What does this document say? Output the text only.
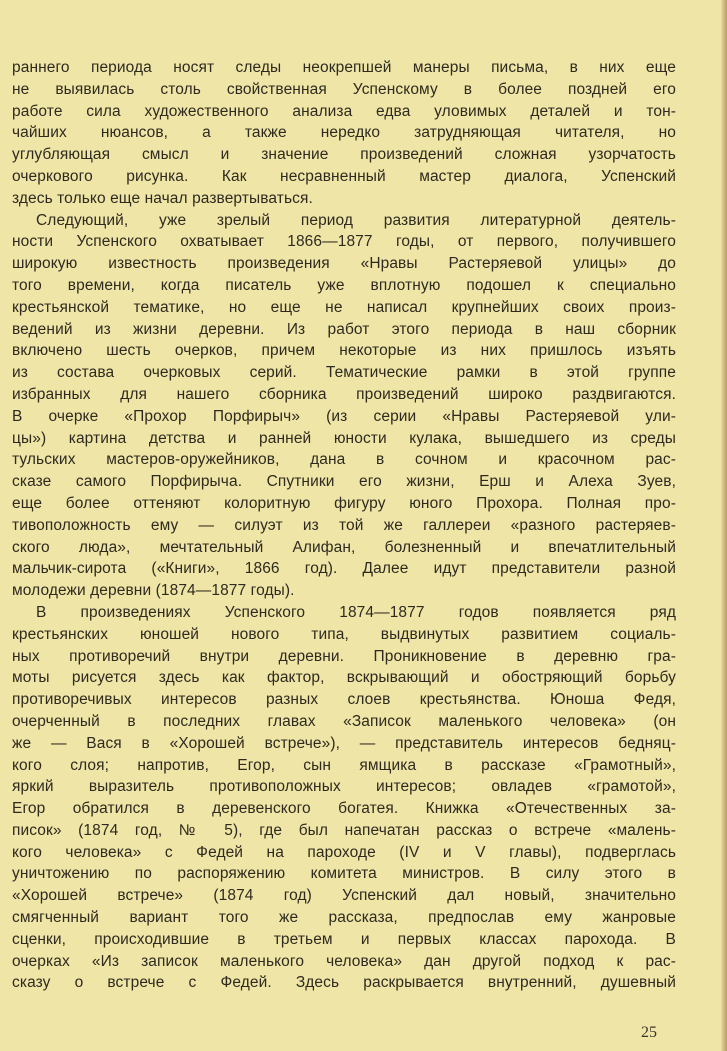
раннего периода носят следы неокрепшей манеры письма, в них еще
не выявилась столь свойственная Успенскому в более поздней его
работе сила художественного анализа едва уловимых деталей и тон-
чайших нюансов, а также нередко затрудняющая читателя, но
углубляющая смысл и значение произведений сложная узорчатость
очеркового рисунка. Как несравненный мастер диалога, Успенский
здесь только еще начал развертываться.
Следующий, уже зрелый период развития литературной деятель-
ности Успенского охватывает 1866—1877 годы, от первого, получившего
широкую известность произведения «Нравы Растеряевой улицы» до
того времени, когда писатель уже вплотную подошел к специально
крестьянской тематике, но еще не написал крупнейших своих произ-
ведений из жизни деревни. Из работ этого периода в наш сборник
включено шесть очерков, причем некоторые из них пришлось изъять
из состава очерковых серий. Тематические рамки в этой группе
избранных для нашего сборника произведений широко раздвигаются.
В очерке «Прохор Порфирыч» (из серии «Нравы Растеряевой ули-
цы») картина детства и ранней юности кулака, вышедшего из среды
тульских мастеров-оружейников, дана в сочном и красочном рас-
сказе самого Порфирыча. Спутники его жизни, Ерш и Алеха Зуев,
еще более оттеняют колоритную фигуру юного Прохора. Полная про-
тивоположность ему — силуэт из той же галлереи «разного растеряев-
ского люда», мечтательный Алифан, болезненный и впечатлительный
мальчик-сирота («Книги», 1866 год). Далее идут представители разной
молодежи деревни (1874—1877 годы).
В произведениях Успенского 1874—1877 годов появляется ряд
крестьянских юношей нового типа, выдвинутых развитием социаль-
ных противоречий внутри деревни. Проникновение в деревню гра-
моты рисуется здесь как фактор, вскрывающий и обостряющий борьбу
противоречивых интересов разных слоев крестьянства. Юноша Федя,
очерченный в последних главах «Записок маленького человека» (он
же — Вася в «Хорошей встрече»), — представитель интересов бедняц-
кого слоя; напротив, Егор, сын ямщика в рассказе «Грамотный»,
яркий выразитель противоположных интересов; овладев «грамотой»,
Егор обратился в деревенского богатея. Книжка «Отечественных за-
писок» (1874 год, № 5), где был напечатан рассказ о встрече «малень-
кого человека» с Федей на пароходе (IV и V главы), подверглась
уничтожению по распоряжению комитета министров. В силу этого в
«Хорошей встрече» (1874 год) Успенский дал новый, значительно
смягченный вариант того же рассказа, предпослав ему жанровые
сценки, происходившие в третьем и первых классах парохода. В
очерках «Из записок маленького человека» дан другой подход к рас-
сказу о встрече с Федей. Здесь раскрывается внутренний, душевный
25
